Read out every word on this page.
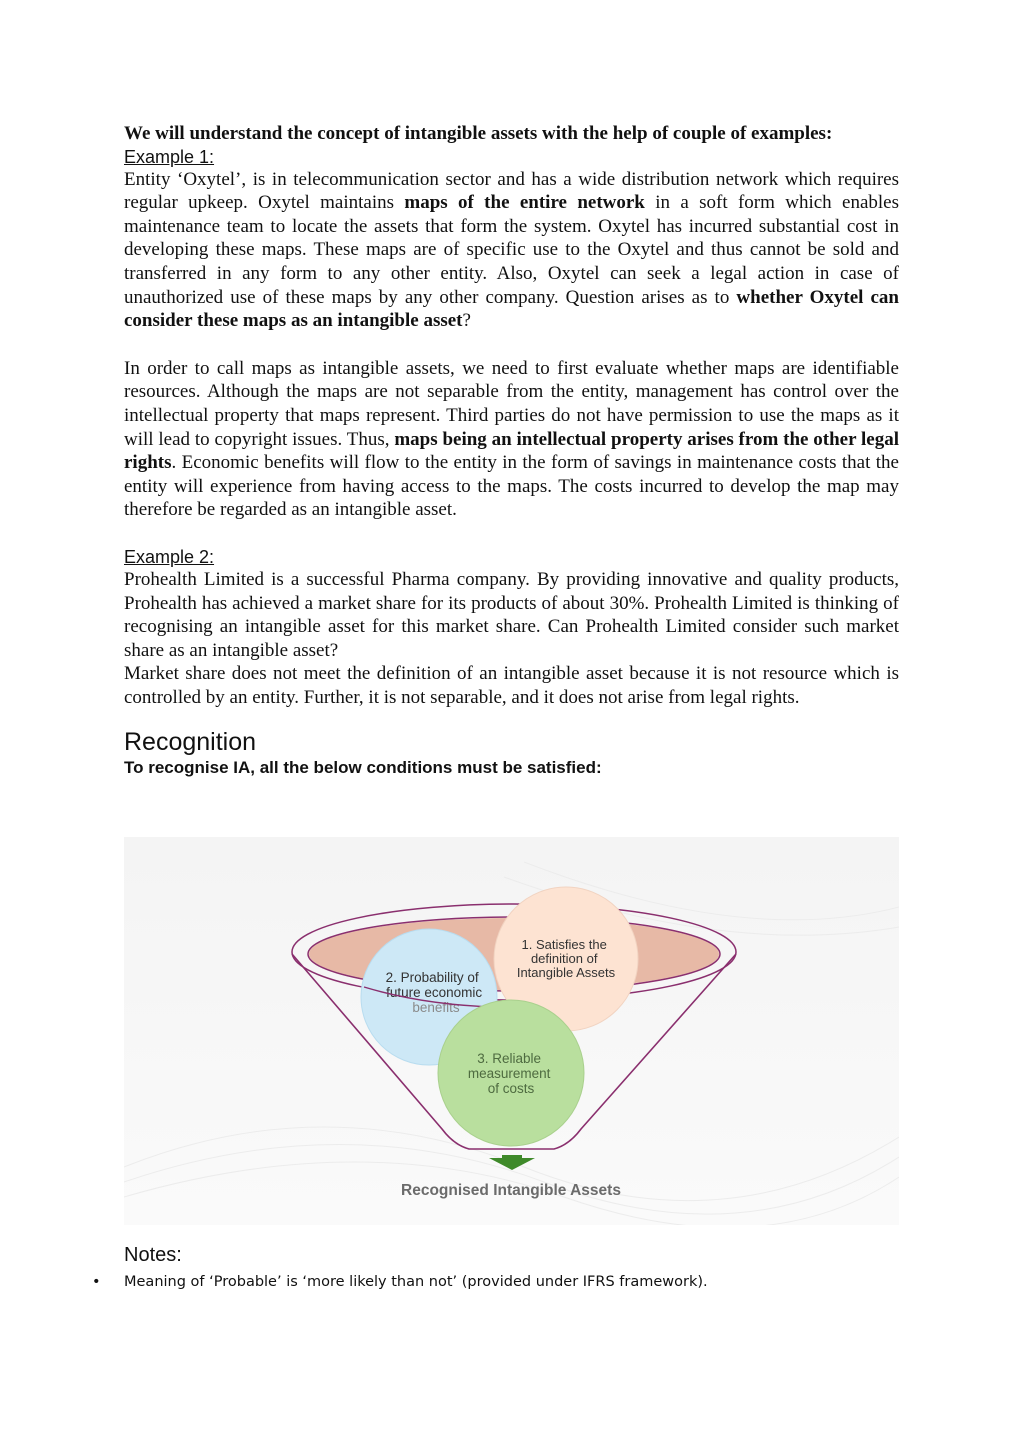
We will understand the concept of intangible assets with the help of couple of examples:

Example 1:

Entity ‘Oxytel’, is in telecommunication sector and has a wide distribution network which requires regular upkeep. Oxytel maintains maps of the entire network in a soft form which enables maintenance team to locate the assets that form the system. Oxytel has incurred substantial cost in developing these maps. These maps are of specific use to the Oxytel and thus cannot be sold and transferred in any form to any other entity. Also, Oxytel can seek a legal action in case of unauthorized use of these maps by any other company. Question arises as to whether Oxytel can consider these maps as an intangible asset?

In order to call maps as intangible assets, we need to first evaluate whether maps are identifiable resources. Although the maps are not separable from the entity, management has control over the intellectual property that maps represent. Third parties do not have permission to use the maps as it will lead to copyright issues. Thus, maps being an intellectual property arises from the other legal rights. Economic benefits will flow to the entity in the form of savings in maintenance costs that the entity will experience from having access to the maps. The costs incurred to develop the map may therefore be regarded as an intangible asset.

Example 2:

Prohealth Limited is a successful Pharma company. By providing innovative and quality products, Prohealth has achieved a market share for its products of about 30%. Prohealth Limited is thinking of recognising an intangible asset for this market share. Can Prohealth Limited consider such market share as an intangible asset?

Market share does not meet the definition of an intangible asset because it is not resource which is controlled by an entity. Further, it is not separable, and it does not arise from legal rights.

Recognition
To recognise IA, all the below conditions must be satisfied:
1. Satisfies the definition of Intangible Assets
2. Probability of future economic benefits
3. Reliable measurement of costs
Recognised Intangible Assets
Notes:
• Meaning of ‘Probable’ is ‘more likely than not’ (provided under IFRS framework).
